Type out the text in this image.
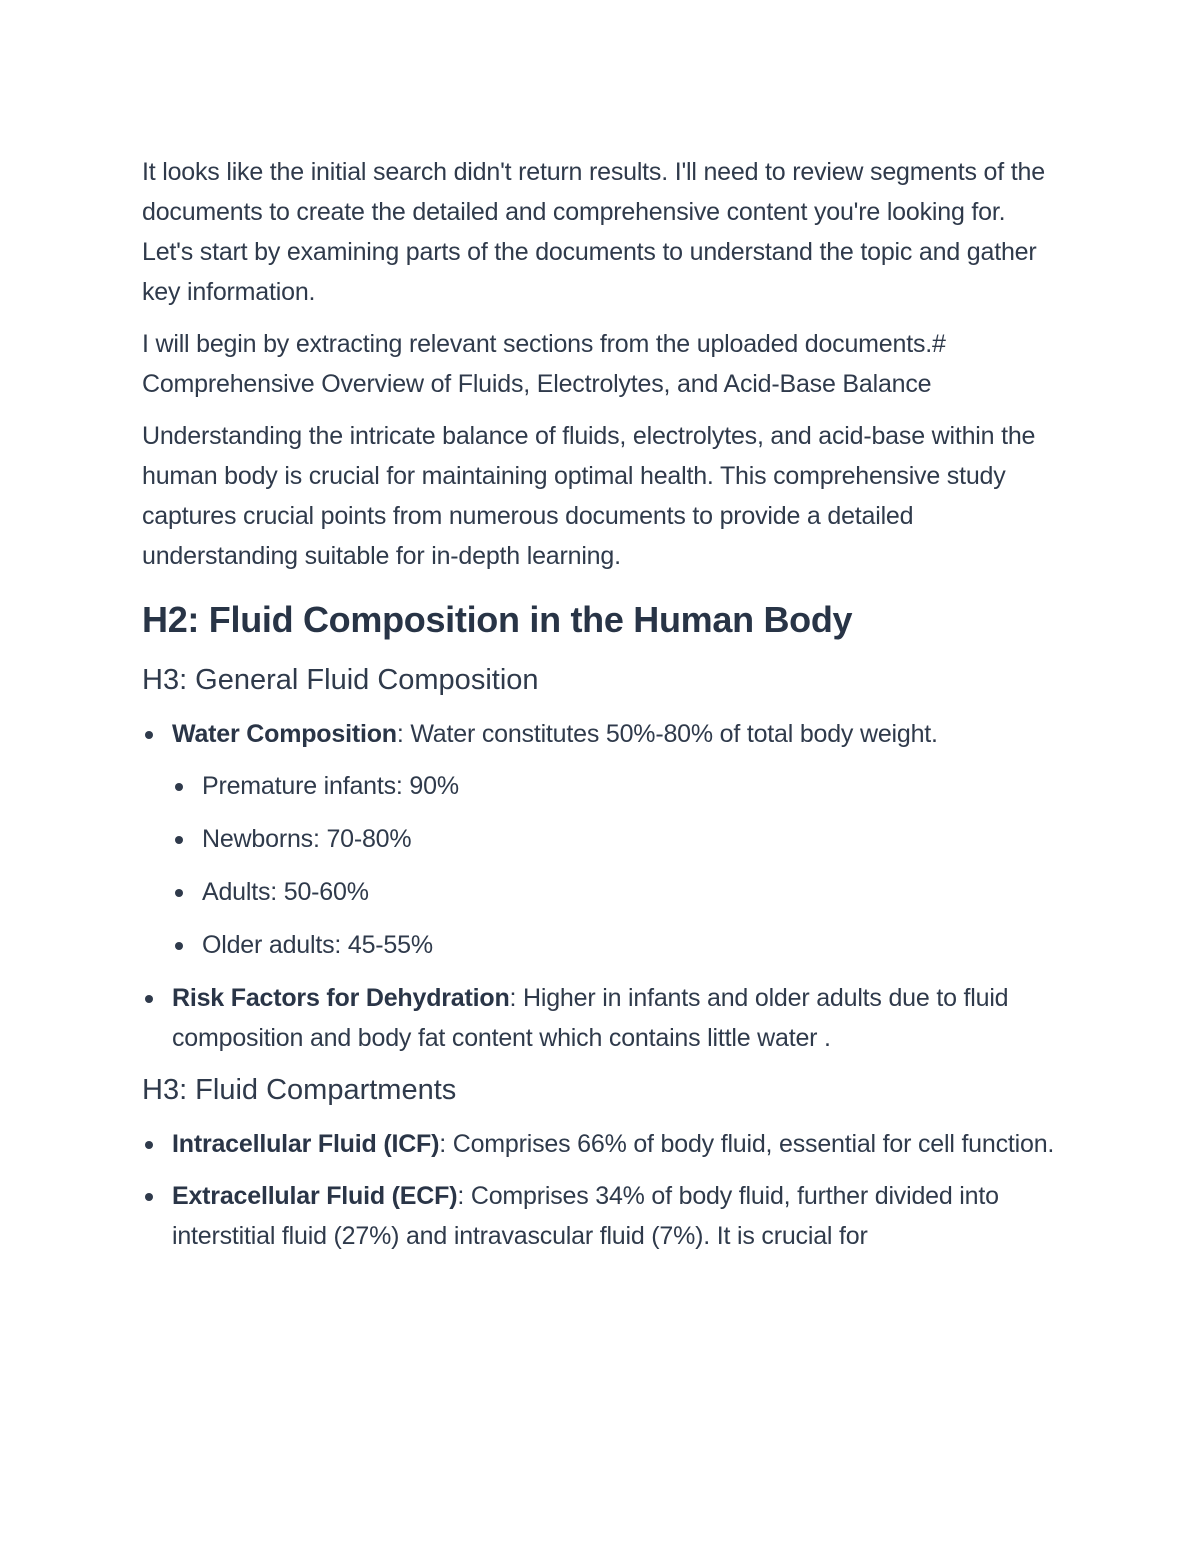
It looks like the initial search didn't return results. I'll need to review segments of the documents to create the detailed and comprehensive content you're looking for. Let's start by examining parts of the documents to understand the topic and gather key information.

I will begin by extracting relevant sections from the uploaded documents.# Comprehensive Overview of Fluids, Electrolytes, and Acid-Base Balance

Understanding the intricate balance of fluids, electrolytes, and acid-base within the human body is crucial for maintaining optimal health. This comprehensive study captures crucial points from numerous documents to provide a detailed understanding suitable for in-depth learning.

H2: Fluid Composition in the Human Body
H3: General Fluid Composition
Water Composition: Water constitutes 50%-80% of total body weight.
Premature infants: 90%
Newborns: 70-80%
Adults: 50-60%
Older adults: 45-55%
Risk Factors for Dehydration: Higher in infants and older adults due to fluid composition and body fat content which contains little water .
H3: Fluid Compartments
Intracellular Fluid (ICF): Comprises 66% of body fluid, essential for cell function.
Extracellular Fluid (ECF): Comprises 34% of body fluid, further divided into interstitial fluid (27%) and intravascular fluid (7%). It is crucial for
